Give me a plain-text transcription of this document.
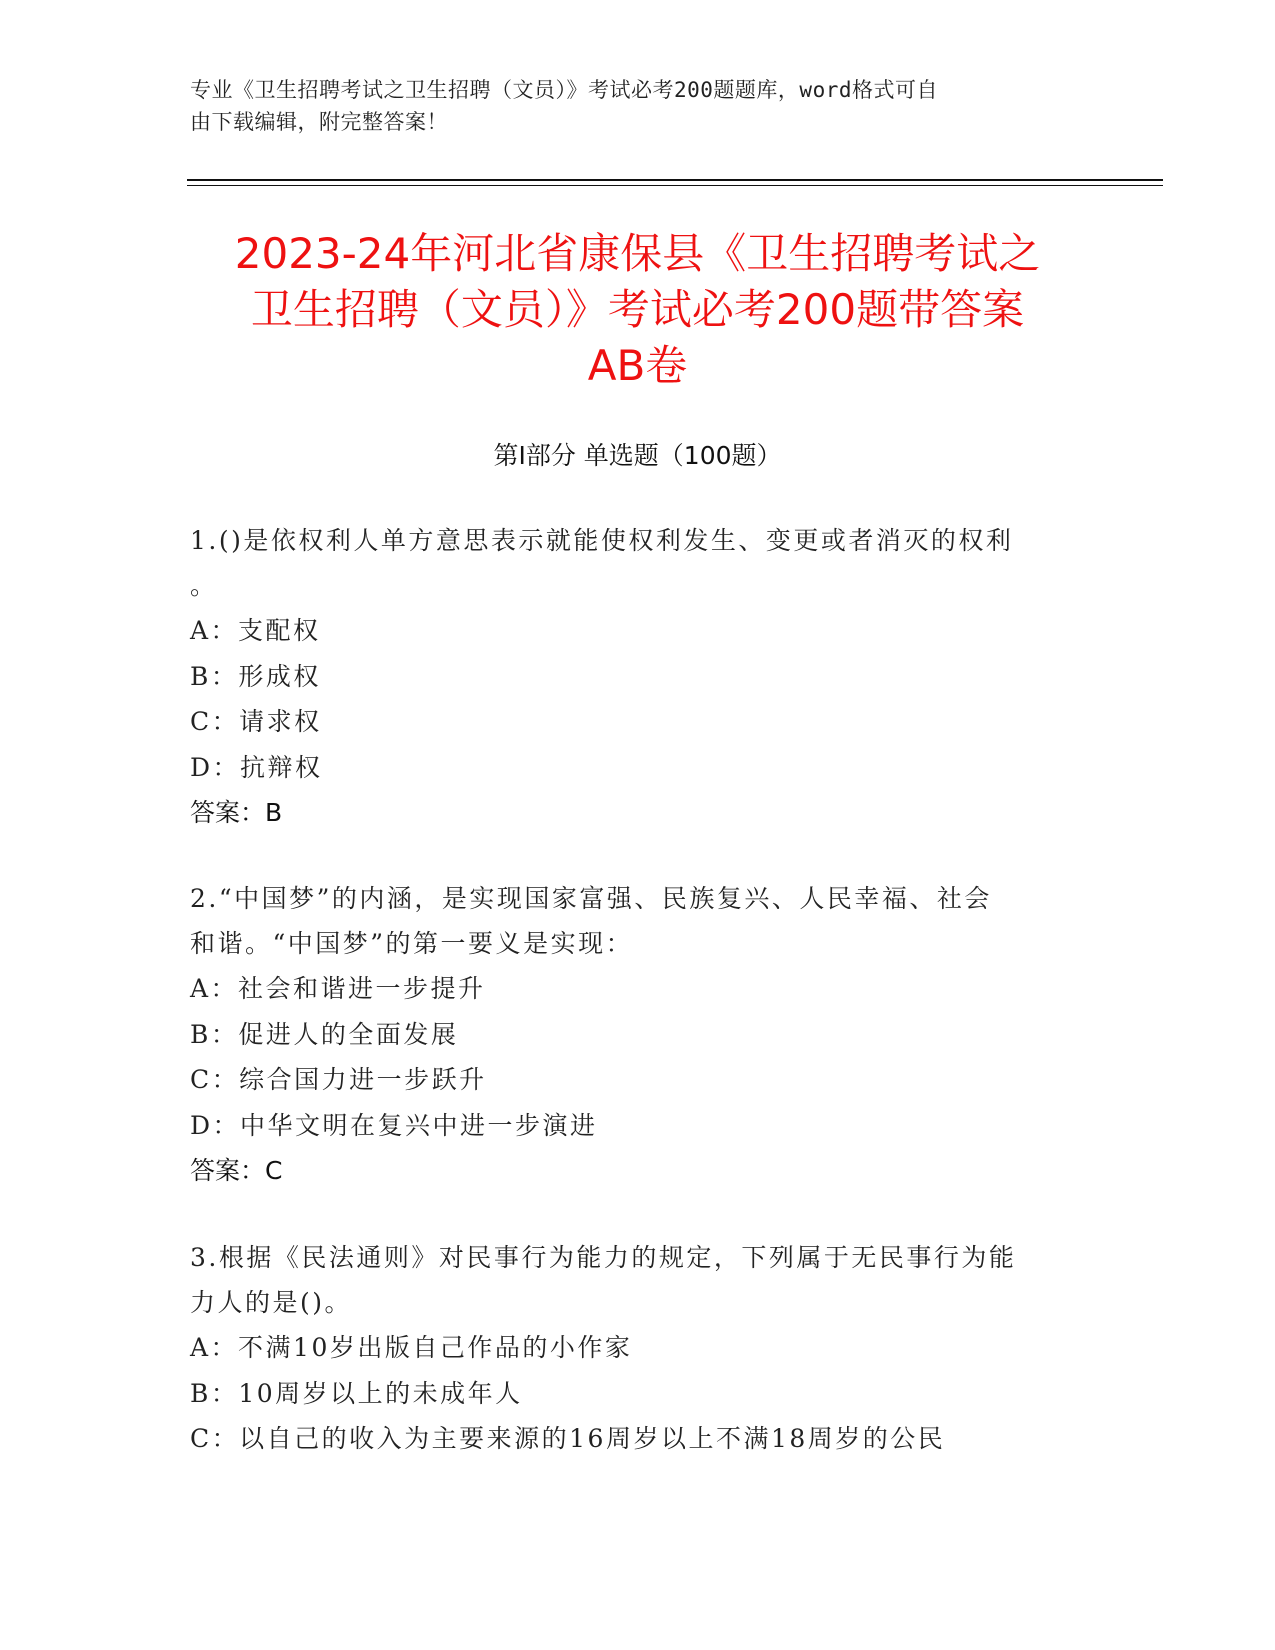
专业《卫生招聘考试之卫生招聘（文员）》考试必考200题题库，word格式可自
由下载编辑，附完整答案！
2023-24年河北省康保县《卫生招聘考试之
卫生招聘（文员）》考试必考200题带答案
AB卷
第Ⅰ部分 单选题（100题）

1.()是依权利人单方意思表示就能使权利发生、变更或者消灭的权利

。

A：支配权

B：形成权

C：请求权

D：抗辩权

答案：B

2.“中国梦”的内涵，是实现国家富强、民族复兴、人民幸福、社会

和谐。“中国梦”的第一要义是实现：

A：社会和谐进一步提升

B：促进人的全面发展

C：综合国力进一步跃升

D：中华文明在复兴中进一步演进

答案：C

3.根据《民法通则》对民事行为能力的规定，下列属于无民事行为能

力人的是()。

A：不满10岁出版自己作品的小作家

B：10周岁以上的未成年人

C：以自己的收入为主要来源的16周岁以上不满18周岁的公民
